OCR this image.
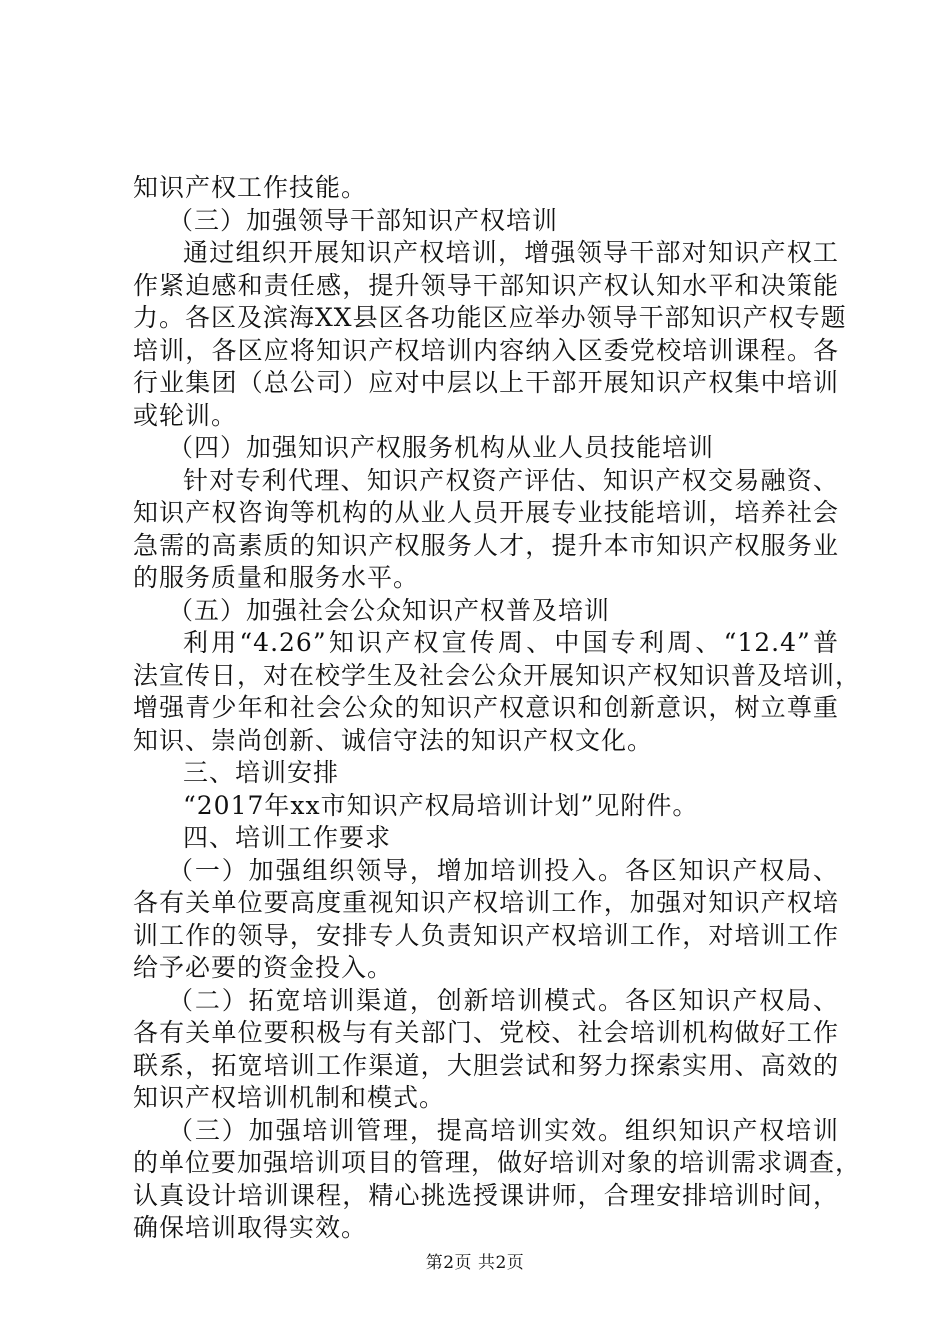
知识产权工作技能。
（三）加强领导干部知识产权培训
通过组织开展知识产权培训，增强领导干部对知识产权工
作紧迫感和责任感，提升领导干部知识产权认知水平和决策能
力。各区及滨海XX县区各功能区应举办领导干部知识产权专题
培训，各区应将知识产权培训内容纳入区委党校培训课程。各
行业集团（总公司）应对中层以上干部开展知识产权集中培训
或轮训。
（四）加强知识产权服务机构从业人员技能培训
针对专利代理、知识产权资产评估、知识产权交易融资、
知识产权咨询等机构的从业人员开展专业技能培训，培养社会
急需的高素质的知识产权服务人才，提升本市知识产权服务业
的服务质量和服务水平。
（五）加强社会公众知识产权普及培训
利用“4.26”知识产权宣传周、中国专利周、“12.4”普
法宣传日，对在校学生及社会公众开展知识产权知识普及培训，
增强青少年和社会公众的知识产权意识和创新意识，树立尊重
知识、崇尚创新、诚信守法的知识产权文化。
三、培训安排
“2017年xx市知识产权局培训计划”见附件。
四、培训工作要求
（一）加强组织领导，增加培训投入。各区知识产权局、
各有关单位要高度重视知识产权培训工作，加强对知识产权培
训工作的领导，安排专人负责知识产权培训工作，对培训工作
给予必要的资金投入。
（二）拓宽培训渠道，创新培训模式。各区知识产权局、
各有关单位要积极与有关部门、党校、社会培训机构做好工作
联系，拓宽培训工作渠道，大胆尝试和努力探索实用、高效的
知识产权培训机制和模式。
（三）加强培训管理，提高培训实效。组织知识产权培训
的单位要加强培训项目的管理，做好培训对象的培训需求调查，
认真设计培训课程，精心挑选授课讲师，合理安排培训时间，
确保培训取得实效。
第2页 共2页
